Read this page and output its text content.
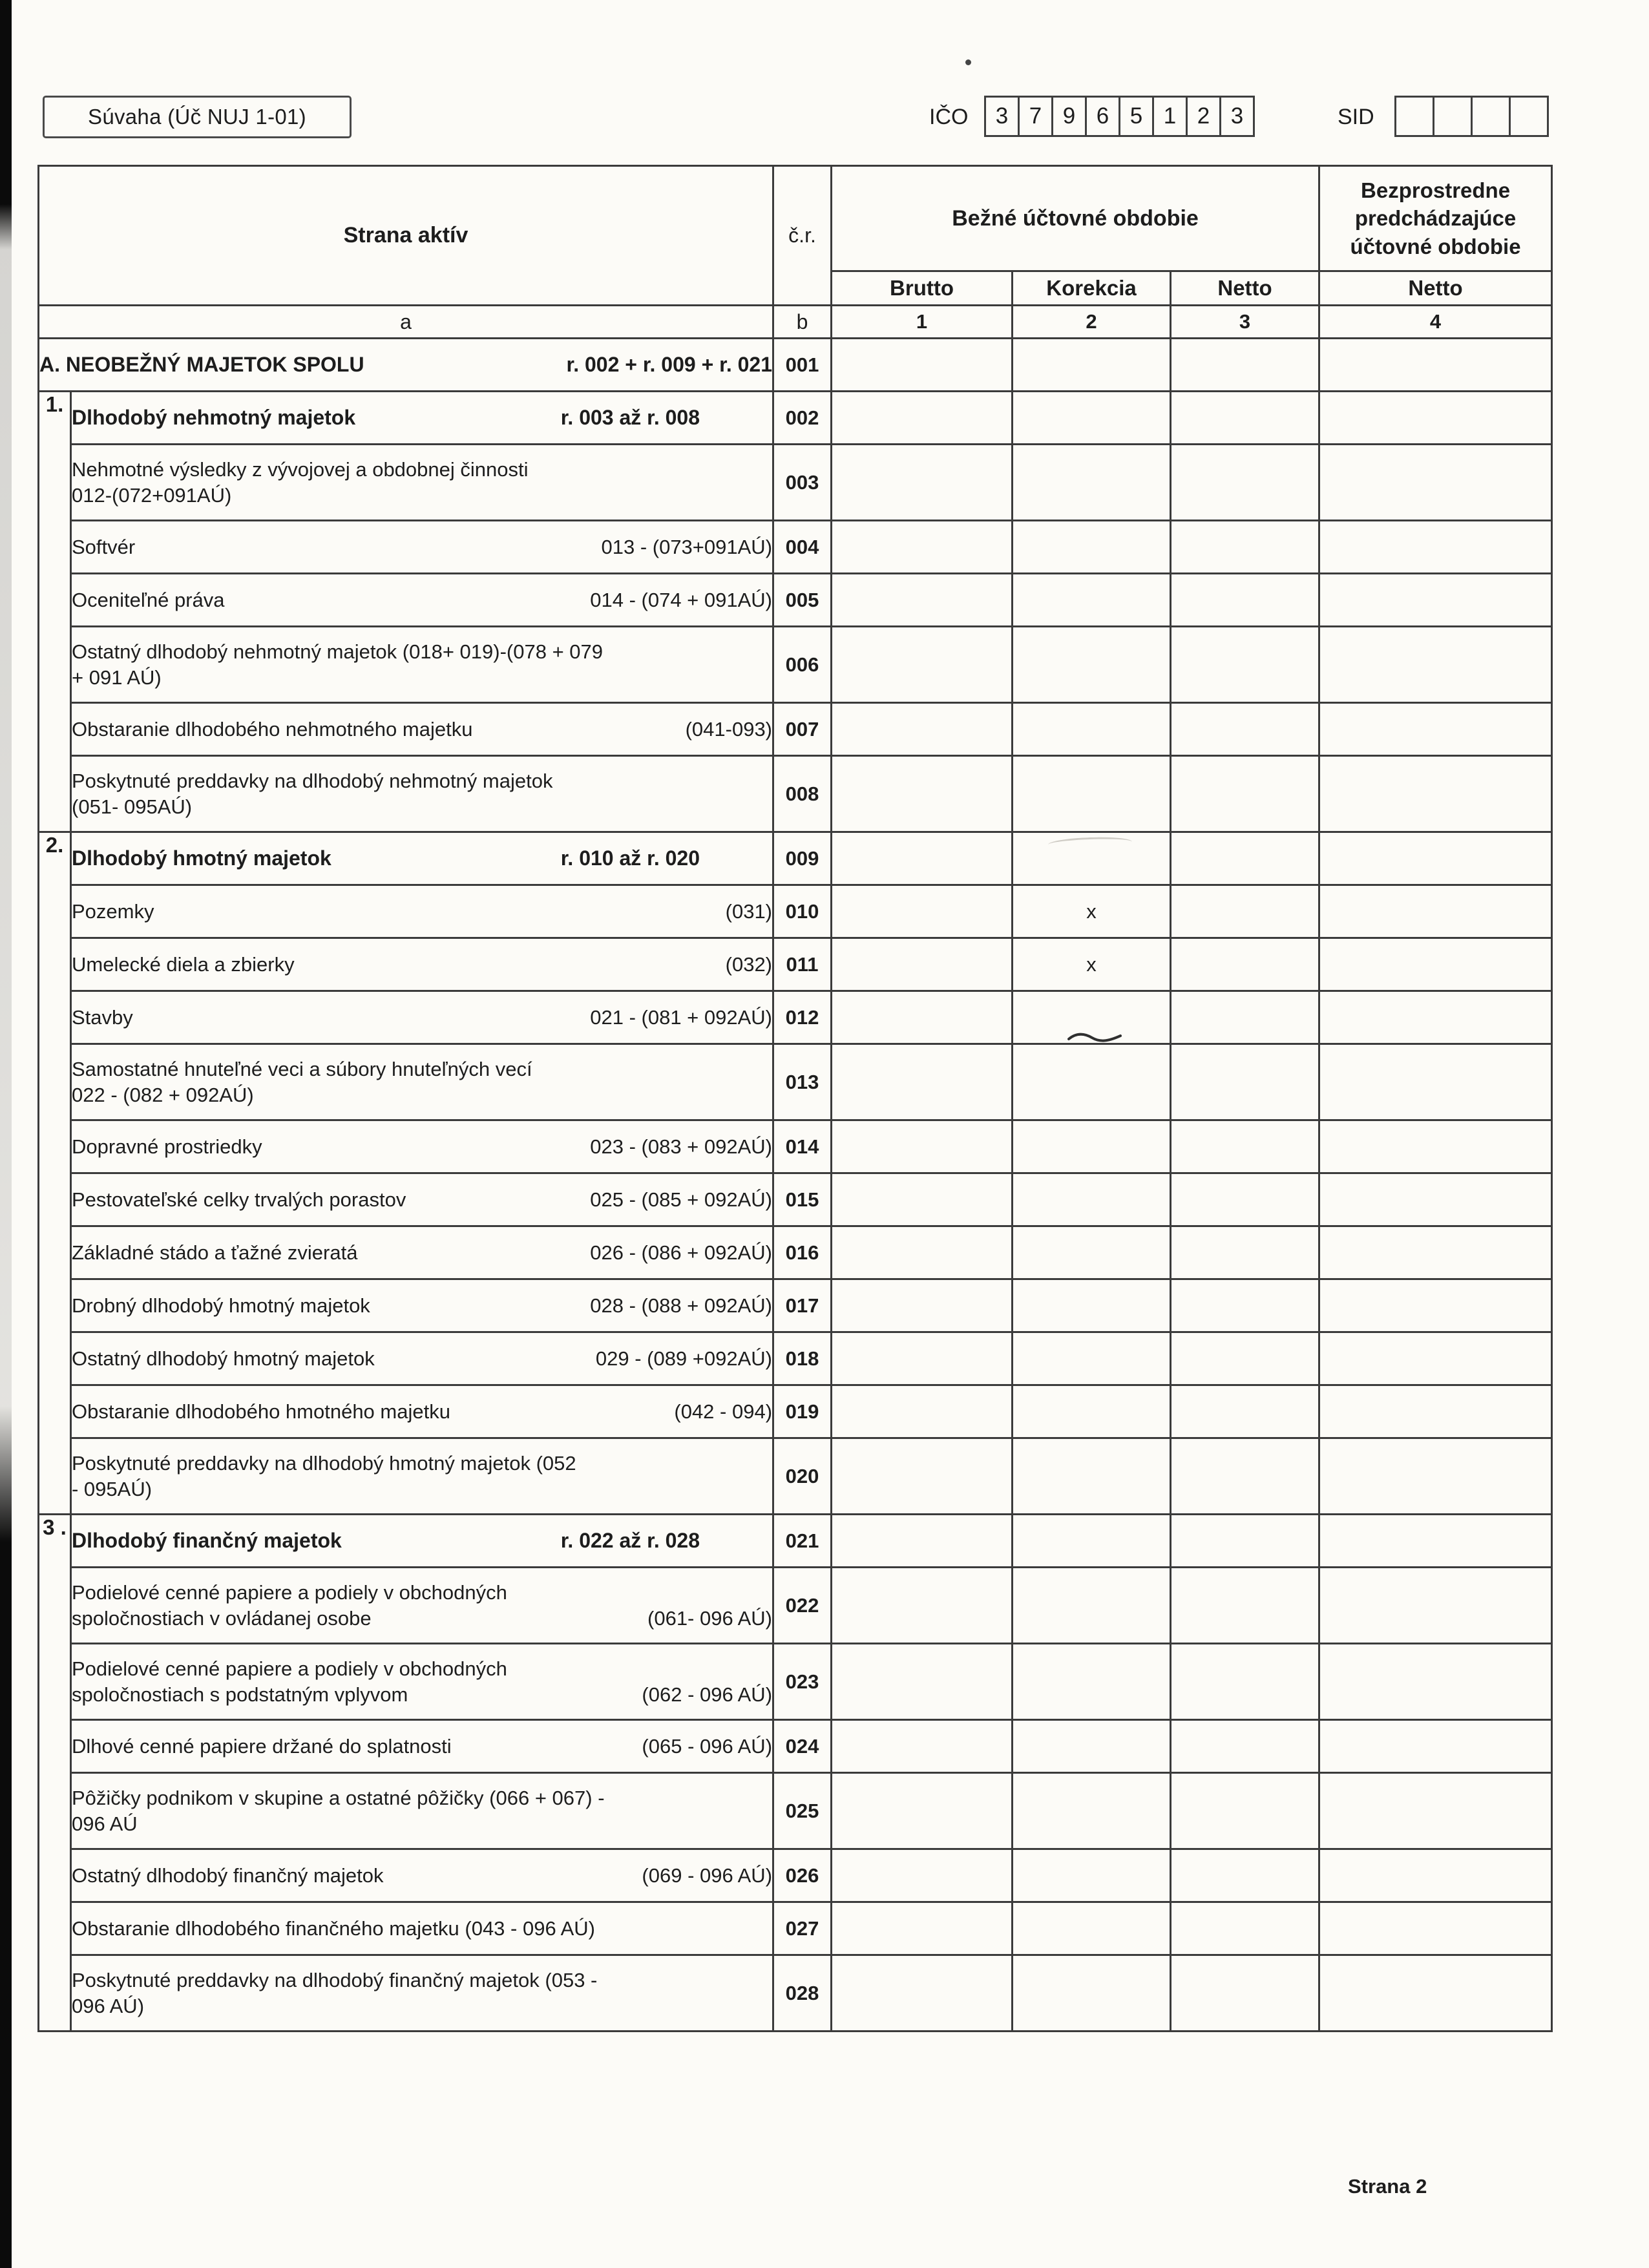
Súvaha (Úč NUJ 1-01)	IČO	3 7 9 6 5 1 2 3	SID
Strana aktív		č.r.	Bežné účtovné obdobie			Bezprostredne predchádzajúce účtovné obdobie
			Brutto	Korekcia	Netto	Netto
a		b	1	2	3	4

A. NEOBEŽNÝ MAJETOK SPOLU r. 002 + r. 009 + r. 021		001				
1.	Dlhodobý nehmotný majetok r. 003 až r. 008	002				

	Nehmotné výsledky z vývojovej a obdobnej činnosti
012-(072+091AÚ)	003				

	Softvér 013 - (073+091AÚ)	004				

	Oceniteľné práva 014 - (074 + 091AÚ)	005				

	Ostatný dlhodobý nehmotný majetok (018+ 019)-(078 + 079
+ 091 AÚ)	006				

	Obstaranie dlhodobého nehmotného majetku (041-093)	007				

	Poskytnuté preddavky na dlhodobý nehmotný majetok
(051- 095AÚ)	008				
2.	Dlhodobý hmotný majetok r. 010 až r. 020	009				

	Pozemky (031)	010		x		

	Umelecké diela a zbierky (032)	011		x		

	Stavby 021 - (081 + 092AÚ)	012				

	Samostatné hnuteľné veci a súbory hnuteľných vecí
022 - (082 + 092AÚ)	013				

	Dopravné prostriedky 023 - (083 + 092AÚ)	014				

	Pestovateľské celky trvalých porastov 025 - (085 + 092AÚ)	015				

	Základné stádo a ťažné zvieratá 026 - (086 + 092AÚ)	016				

	Drobný dlhodobý hmotný majetok 028 - (088 + 092AÚ)	017				

	Ostatný dlhodobý hmotný majetok 029 - (089 +092AÚ)	018				

	Obstaranie dlhodobého hmotného majetku (042 - 094)	019				

	Poskytnuté preddavky na dlhodobý hmotný majetok (052
- 095AÚ)	020				
3 .	Dlhodobý finančný majetok r. 022 až r. 028	021				

	Podielové cenné papiere a podiely v obchodných
spoločnostiach v ovládanej osobe (061- 096 AÚ)	022				

	Podielové cenné papiere a podiely v obchodných
spoločnostiach s podstatným vplyvom (062 - 096 AÚ)	023				

	Dlhové cenné papiere držané do splatnosti (065 - 096 AÚ)	024				

	Pôžičky podnikom v skupine a ostatné pôžičky (066 + 067) -
096 AÚ	025				

	Ostatný dlhodobý finančný majetok (069 - 096 AÚ)	026				

	Obstaranie dlhodobého finančného majetku (043 - 096 AÚ)	027				

	Poskytnuté preddavky na dlhodobý finančný majetok (053 -
096 AÚ)	028				
Strana 2
